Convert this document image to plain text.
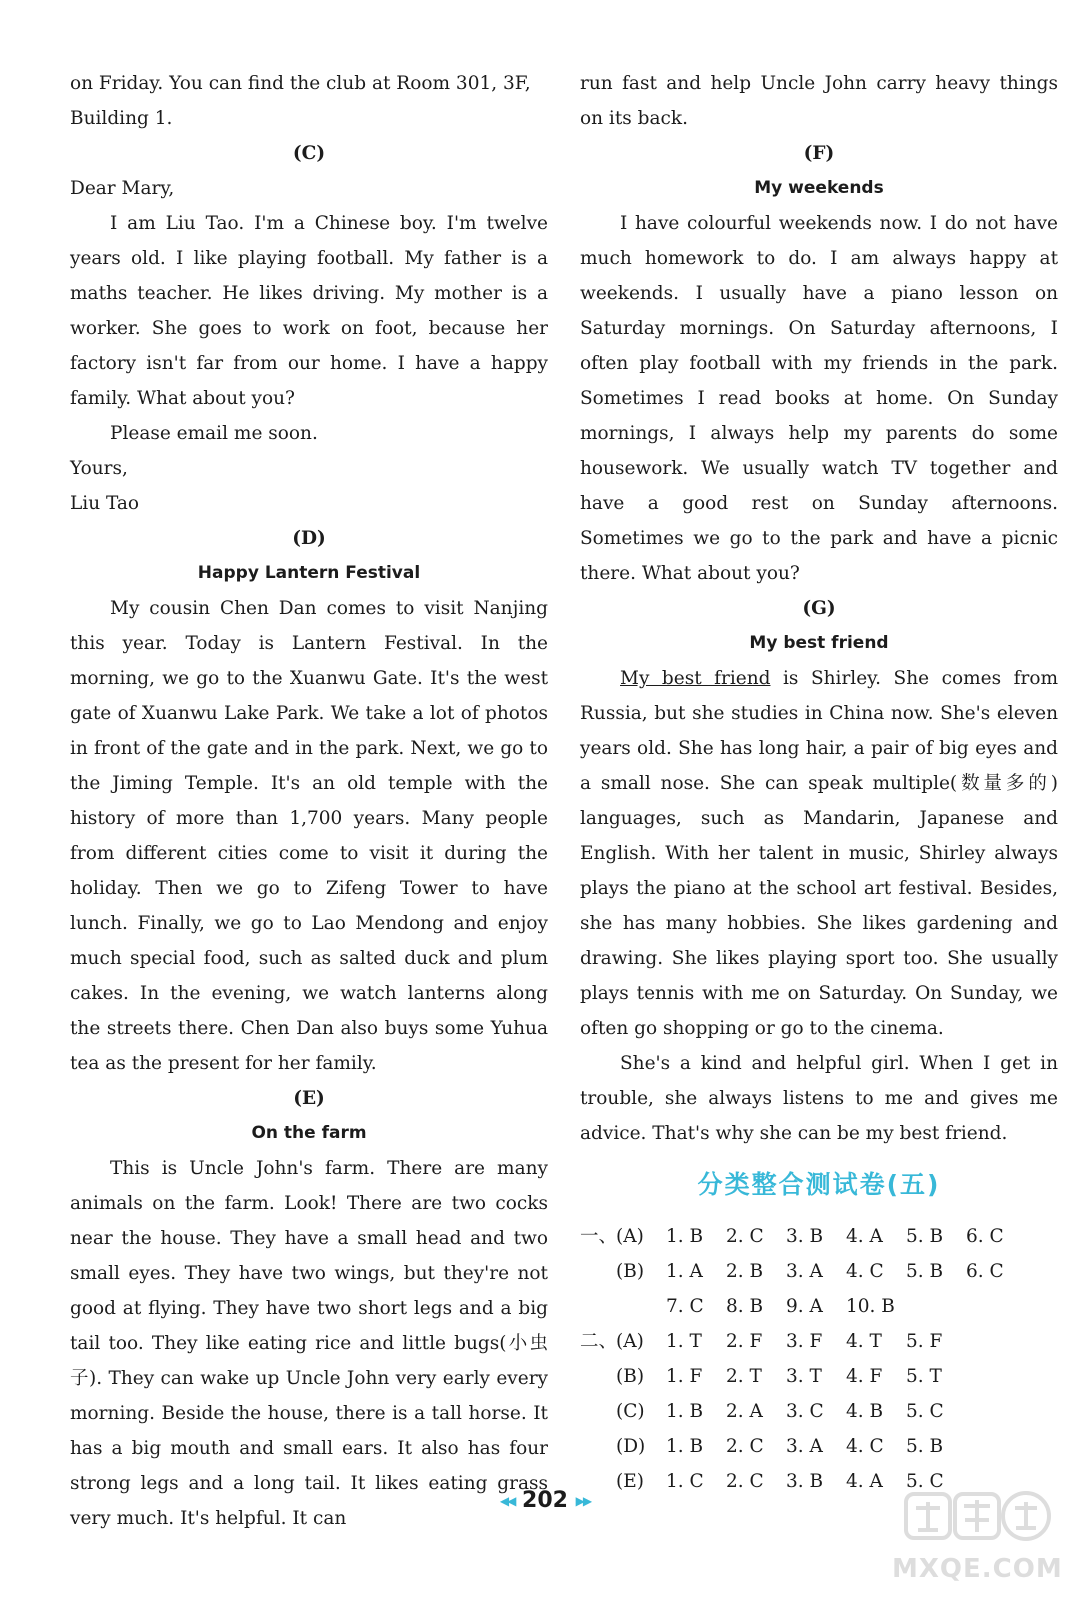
on Friday. You can find the club at Room 301, 3F,

Building 1.

(C)

Dear Mary,

I am Liu Tao. I'm a Chinese boy. I'm twelve years old. I like playing football. My father is a maths teacher. He likes driving. My mother is a worker. She goes to work on foot, because her factory isn't far from our home. I have a happy family. What about you?

Please email me soon.

Yours,

Liu Tao

(D)
Happy Lantern Festival

My cousin Chen Dan comes to visit Nanjing this year. Today is Lantern Festival. In the morning, we go to the Xuanwu Gate. It's the west gate of Xuanwu Lake Park. We take a lot of photos in front of the gate and in the park. Next, we go to the Jiming Temple. It's an old temple with the history of more than 1,700 years. Many people from different cities come to visit it during the holiday. Then we go to Zifeng Tower to have lunch. Finally, we go to Lao Mendong and enjoy much special food, such as salted duck and plum cakes. In the evening, we watch lanterns along the streets there. Chen Dan also buys some Yuhua tea as the present for her family.

(E)
On the farm

This is Uncle John's farm. There are many animals on the farm. Look! There are two cocks near the house. They have a small head and two small eyes. They have two wings, but they're not good at flying. They have two short legs and a big tail too. They like eating rice and little bugs(小虫子). They can wake up Uncle John very early every morning. Beside the house, there is a tall horse. It has a big mouth and small ears. It also has four strong legs and a long tail. It likes eating grass very much. It's helpful. It can

run fast and help Uncle John carry heavy things on its back.

(F)
My weekends

I have colourful weekends now. I do not have much homework to do. I am always happy at weekends. I usually have a piano lesson on Saturday mornings. On Saturday afternoons, I often play football with my friends in the park. Sometimes I read books at home. On Sunday mornings, I always help my parents do some housework. We usually watch TV together and have a good rest on Sunday afternoons. Sometimes we go to the park and have a picnic there. What about you?

(G)
My best friend

My best friend is Shirley. She comes from Russia, but she studies in China now. She's eleven years old. She has long hair, a pair of big eyes and a small nose. She can speak multiple(数量多的) languages, such as Mandarin, Japanese and English. With her talent in music, Shirley always plays the piano at the school art festival. Besides, she has many hobbies. She likes gardening and drawing. She likes playing sport too. She usually plays tennis with me on Saturday. On Sunday, we often go shopping or go to the cinema.

She's a kind and helpful girl. When I get in trouble, she always listens to me and gives me advice. That's why she can be my best friend.

分类整合测试卷(五)
一、
(A)	1. B	2. C	3. B	4. A	5. B	6. C
(B)	1. A	2. B	3. A	4. C	5. B	6. C
7. C	8. B	9. A	10. B
二、
(A)	1. T	2. F	3. F	4. T	5. F
(B)	1. F	2. T	3. T	4. F	5. T
(C)	1. B	2. A	3. C	4. B	5. C
(D)	1. B	2. C	3. A	4. C	5. B
(E)	1. C	2. C	3. B	4. A	5. C
◀◀ 202 ▶▶
MXQE.COM
